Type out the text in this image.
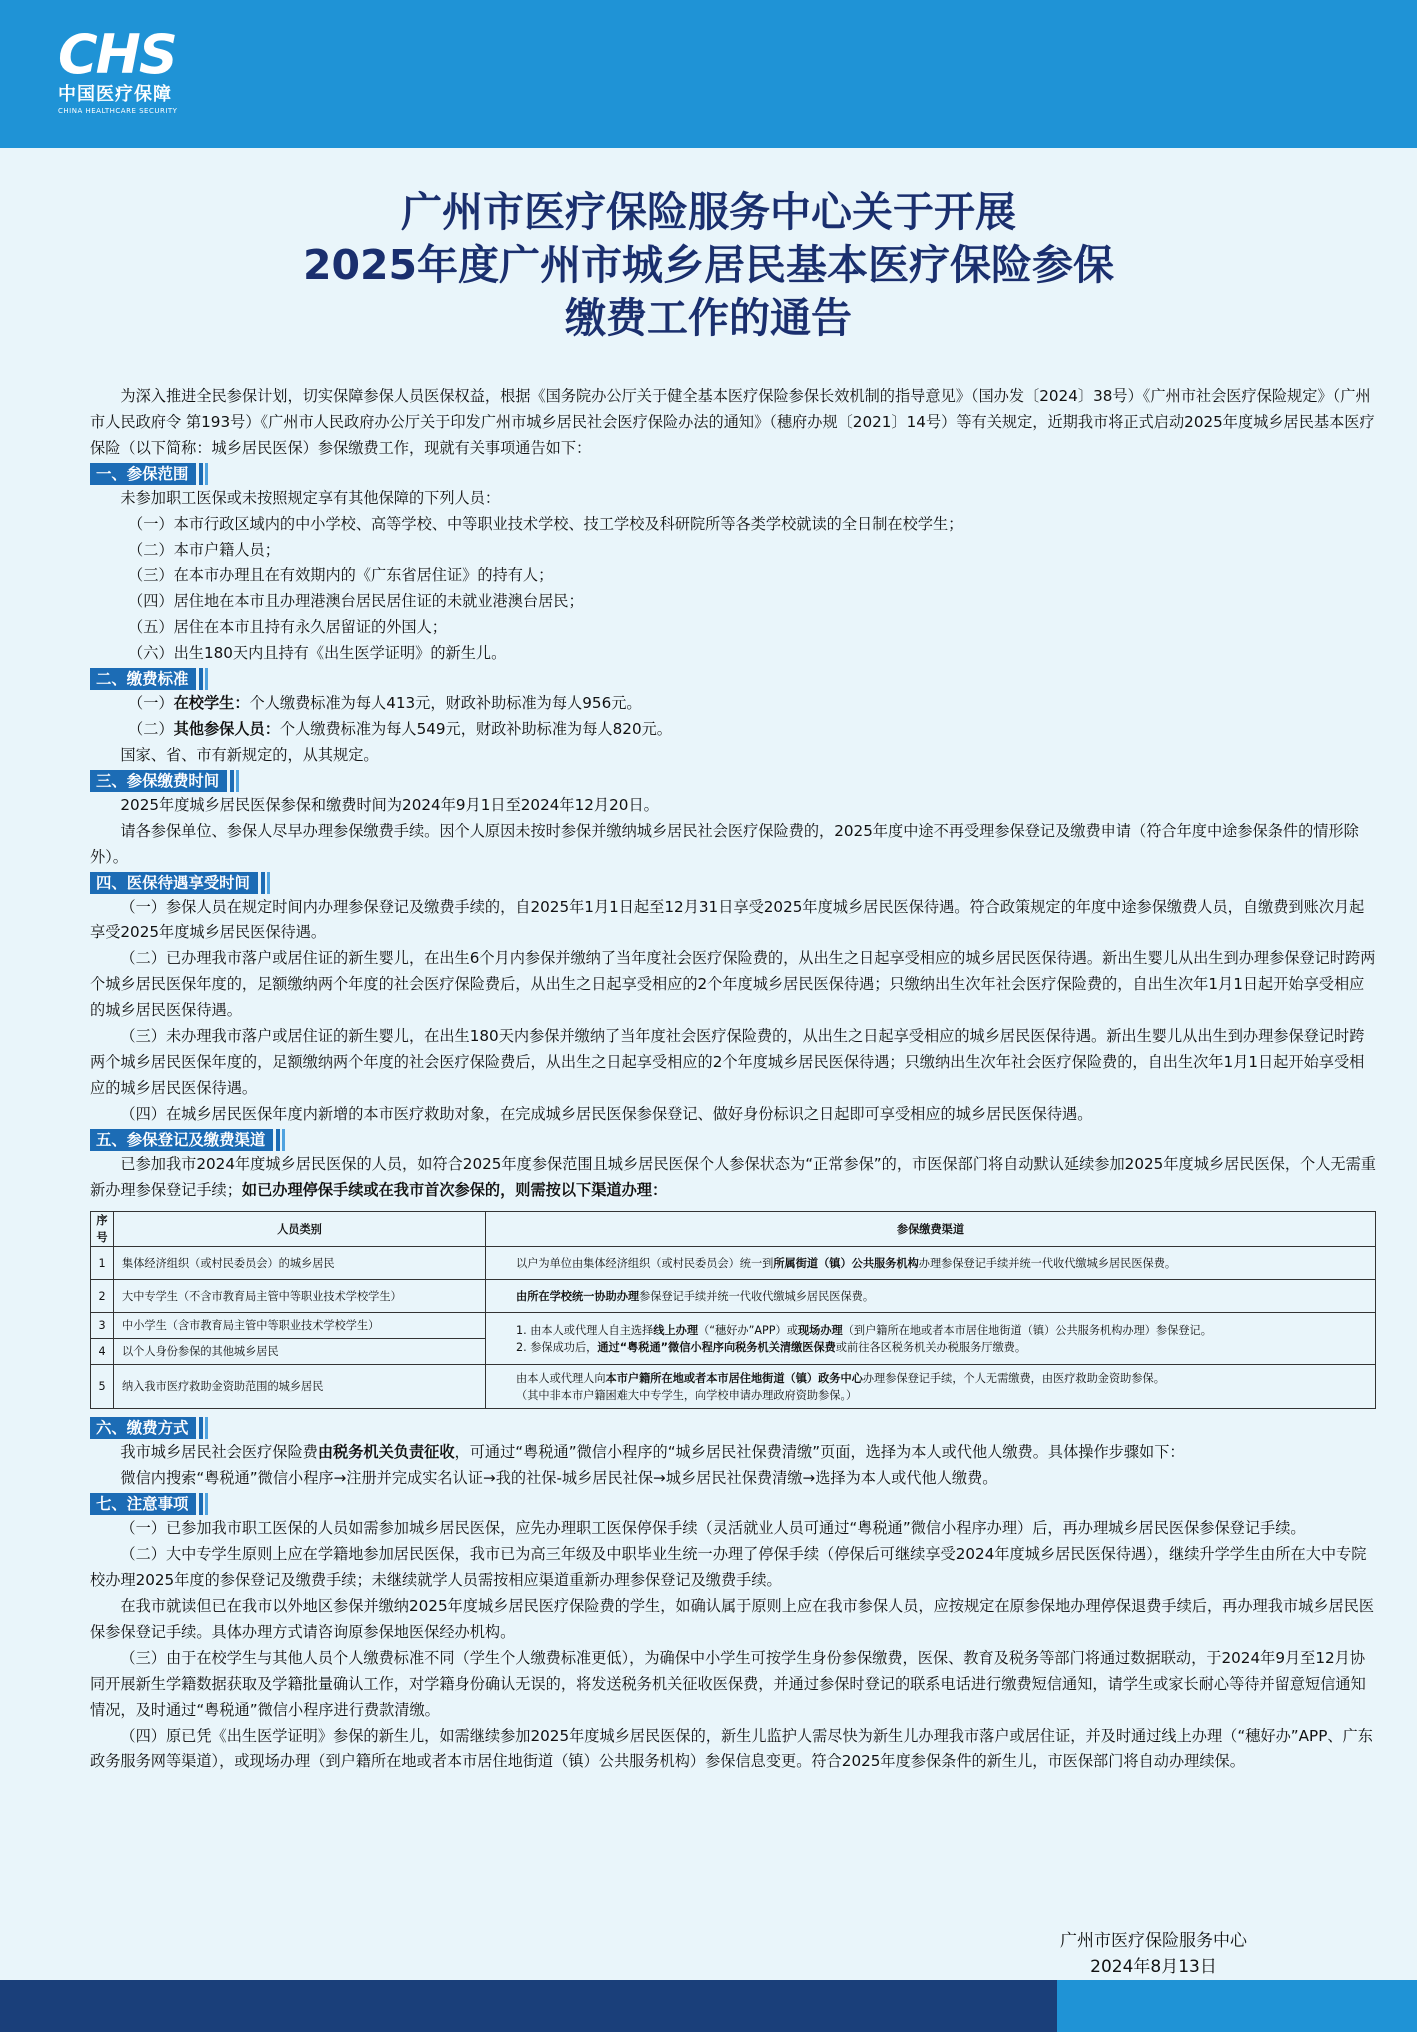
CHS
中国医疗保障
CHINA HEALTHCARE SECURITY
广州市医疗保险服务中心关于开展
2025年度广州市城乡居民基本医疗保险参保
缴费工作的通告

为深入推进全民参保计划，切实保障参保人员医保权益，根据《国务院办公厅关于健全基本医疗保险参保长效机制的指导意见》（国办发〔2024〕38号）《广州市社会医疗保险规定》（广州市人民政府令 第193号）《广州市人民政府办公厅关于印发广州市城乡居民社会医疗保险办法的通知》（穗府办规〔2021〕14号）等有关规定，近期我市将正式启动2025年度城乡居民基本医疗保险（以下简称：城乡居民医保）参保缴费工作，现就有关事项通告如下：

一、参保范围

未参加职工医保或未按照规定享有其他保障的下列人员：

（一）本市行政区域内的中小学校、高等学校、中等职业技术学校、技工学校及科研院所等各类学校就读的全日制在校学生；

（二）本市户籍人员；

（三）在本市办理且在有效期内的《广东省居住证》的持有人；

（四）居住地在本市且办理港澳台居民居住证的未就业港澳台居民；

（五）居住在本市且持有永久居留证的外国人；

（六）出生180天内且持有《出生医学证明》的新生儿。

二、缴费标准

（一）在校学生：个人缴费标准为每人413元，财政补助标准为每人956元。

（二）其他参保人员：个人缴费标准为每人549元，财政补助标准为每人820元。

国家、省、市有新规定的，从其规定。

三、参保缴费时间

2025年度城乡居民医保参保和缴费时间为2024年9月1日至2024年12月20日。

请各参保单位、参保人尽早办理参保缴费手续。因个人原因未按时参保并缴纳城乡居民社会医疗保险费的，2025年度中途不再受理参保登记及缴费申请（符合年度中途参保条件的情形除外）。

四、医保待遇享受时间

（一）参保人员在规定时间内办理参保登记及缴费手续的，自2025年1月1日起至12月31日享受2025年度城乡居民医保待遇。符合政策规定的年度中途参保缴费人员，自缴费到账次月起享受2025年度城乡居民医保待遇。

（二）已办理我市落户或居住证的新生婴儿，在出生6个月内参保并缴纳了当年度社会医疗保险费的，从出生之日起享受相应的城乡居民医保待遇。新出生婴儿从出生到办理参保登记时跨两个城乡居民医保年度的，足额缴纳两个年度的社会医疗保险费后，从出生之日起享受相应的2个年度城乡居民医保待遇；只缴纳出生次年社会医疗保险费的，自出生次年1月1日起开始享受相应的城乡居民医保待遇。

（三）未办理我市落户或居住证的新生婴儿，在出生180天内参保并缴纳了当年度社会医疗保险费的，从出生之日起享受相应的城乡居民医保待遇。新出生婴儿从出生到办理参保登记时跨两个城乡居民医保年度的，足额缴纳两个年度的社会医疗保险费后，从出生之日起享受相应的2个年度城乡居民医保待遇；只缴纳出生次年社会医疗保险费的，自出生次年1月1日起开始享受相应的城乡居民医保待遇。

（四）在城乡居民医保年度内新增的本市医疗救助对象，在完成城乡居民医保参保登记、做好身份标识之日起即可享受相应的城乡居民医保待遇。

五、参保登记及缴费渠道

已参加我市2024年度城乡居民医保的人员，如符合2025年度参保范围且城乡居民医保个人参保状态为“正常参保”的，市医保部门将自动默认延续参加2025年度城乡居民医保，个人无需重新办理参保登记手续；如已办理停保手续或在我市首次参保的，则需按以下渠道办理：

序号	人员类别	参保缴费渠道
1	集体经济组织（或村民委员会）的城乡居民	以户为单位由集体经济组织（或村民委员会）统一到所属街道（镇）公共服务机构办理参保登记手续并统一代收代缴城乡居民医保费。
2	大中专学生（不含市教育局主管中等职业技术学校学生）	由所在学校统一协助办理参保登记手续并统一代收代缴城乡居民医保费。
3	中小学生（含市教育局主管中等职业技术学校学生）	1. 由本人或代理人自主选择线上办理（“穗好办”APP）或现场办理（到户籍所在地或者本市居住地街道（镇）公共服务机构办理）参保登记。
2. 参保成功后，通过“粤税通”微信小程序向税务机关清缴医保费或前往各区税务机关办税服务厅缴费。

4	以个人身份参保的其他城乡居民	
5	纳入我市医疗救助金资助范围的城乡居民	由本人或代理人向本市户籍所在地或者本市居住地街道（镇）政务中心办理参保登记手续，个人无需缴费，由医疗救助金资助参保。
（其中非本市户籍困难大中专学生，向学校申请办理政府资助参保。）
六、缴费方式

我市城乡居民社会医疗保险费由税务机关负责征收，可通过“粤税通”微信小程序的“城乡居民社保费清缴”页面，选择为本人或代他人缴费。具体操作步骤如下：

微信内搜索“粤税通”微信小程序→注册并完成实名认证→我的社保-城乡居民社保→城乡居民社保费清缴→选择为本人或代他人缴费。

七、注意事项

（一）已参加我市职工医保的人员如需参加城乡居民医保，应先办理职工医保停保手续（灵活就业人员可通过“粤税通”微信小程序办理）后，再办理城乡居民医保参保登记手续。

（二）大中专学生原则上应在学籍地参加居民医保，我市已为高三年级及中职毕业生统一办理了停保手续（停保后可继续享受2024年度城乡居民医保待遇），继续升学学生由所在大中专院校办理2025年度的参保登记及缴费手续；未继续就学人员需按相应渠道重新办理参保登记及缴费手续。

在我市就读但已在我市以外地区参保并缴纳2025年度城乡居民医疗保险费的学生，如确认属于原则上应在我市参保人员，应按规定在原参保地办理停保退费手续后，再办理我市城乡居民医保参保登记手续。具体办理方式请咨询原参保地医保经办机构。

（三）由于在校学生与其他人员个人缴费标准不同（学生个人缴费标准更低），为确保中小学生可按学生身份参保缴费，医保、教育及税务等部门将通过数据联动，于2024年9月至12月协同开展新生学籍数据获取及学籍批量确认工作，对学籍身份确认无误的，将发送税务机关征收医保费，并通过参保时登记的联系电话进行缴费短信通知，请学生或家长耐心等待并留意短信通知情况，及时通过“粤税通”微信小程序进行费款清缴。

（四）原已凭《出生医学证明》参保的新生儿，如需继续参加2025年度城乡居民医保的，新生儿监护人需尽快为新生儿办理我市落户或居住证，并及时通过线上办理（“穗好办”APP、广东政务服务网等渠道），或现场办理（到户籍所在地或者本市居住地街道（镇）公共服务机构）参保信息变更。符合2025年度参保条件的新生儿，市医保部门将自动办理续保。

广州市医疗保险服务中心
2024年8月13日
